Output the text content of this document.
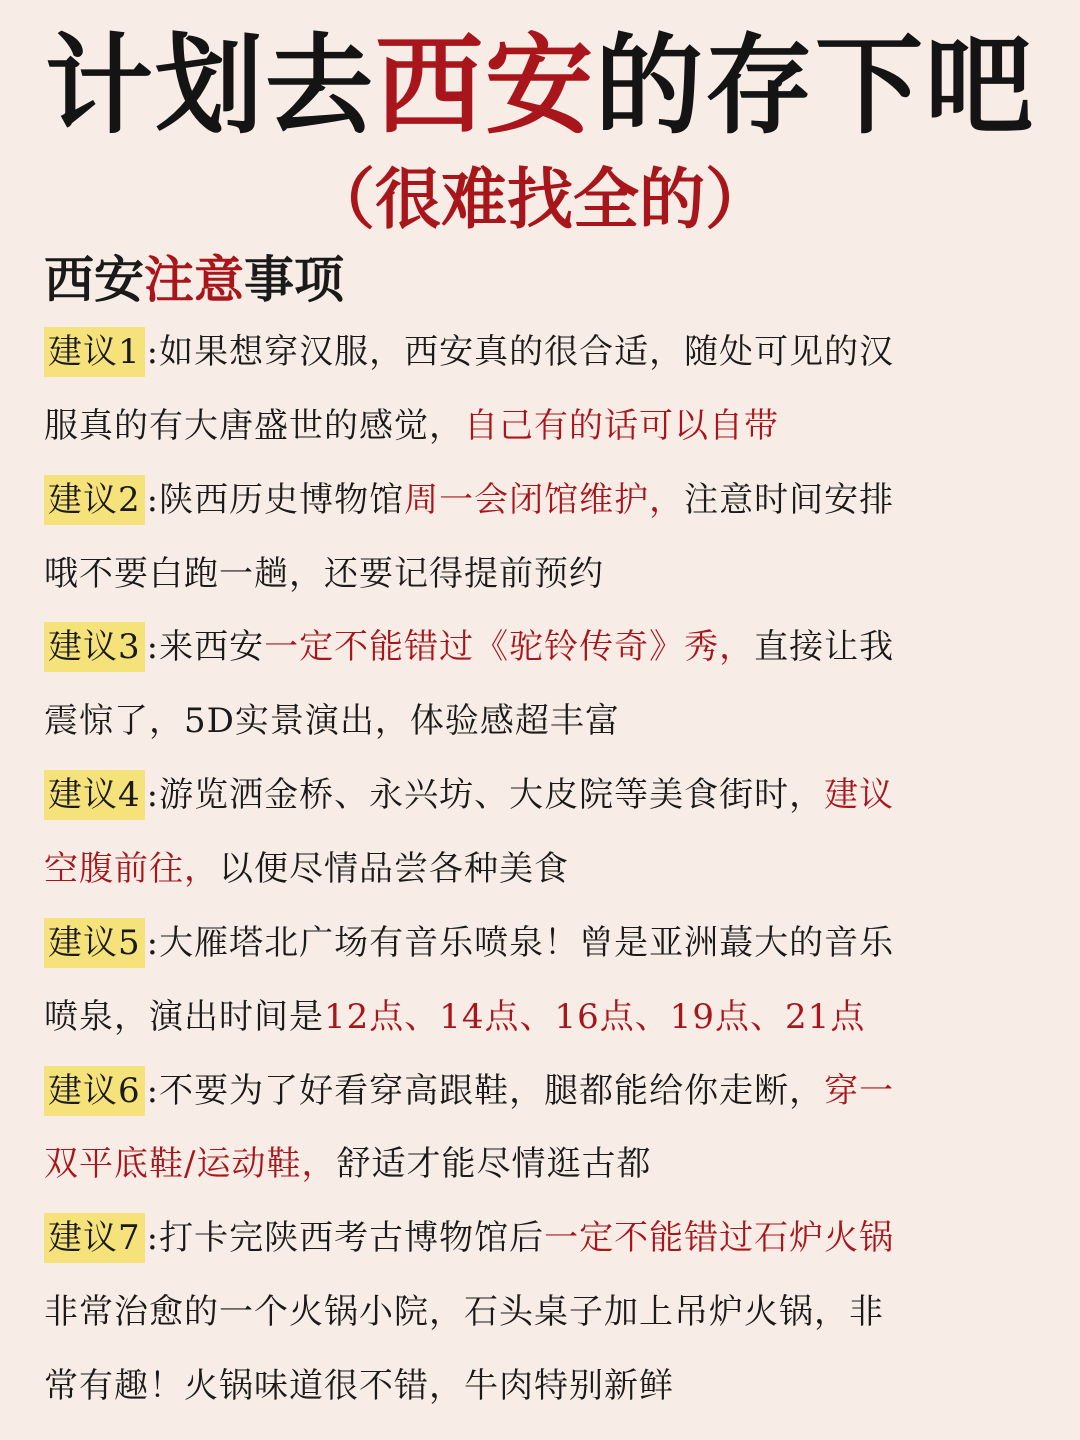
计划去西安的存下吧
（很难找全的）
西安注意事项
建议1 :如果想穿汉服，西安真的很合适，随处可见的汉
服真的有大唐盛世的感觉，自己有的话可以自带
建议2 :陕西历史博物馆周一会闭馆维护，注意时间安排
哦不要白跑一趟，还要记得提前预约
建议3 :来西安一定不能错过《驼铃传奇》秀，直接让我
震惊了，5D实景演出，体验感超丰富
建议4 :游览洒金桥、永兴坊、大皮院等美食街时，建议
空腹前往，以便尽情品尝各种美食
建议5 :大雁塔北广场有音乐喷泉！曾是亚洲蕞大的音乐
喷泉，演出时间是12点、14点、16点、19点、21点
建议6 :不要为了好看穿高跟鞋，腿都能给你走断，穿一
双平底鞋/运动鞋，舒适才能尽情逛古都
建议7 :打卡完陕西考古博物馆后一定不能错过石炉火锅
非常治愈的一个火锅小院，石头桌子加上吊炉火锅，非
常有趣！火锅味道很不错，牛肉特别新鲜
